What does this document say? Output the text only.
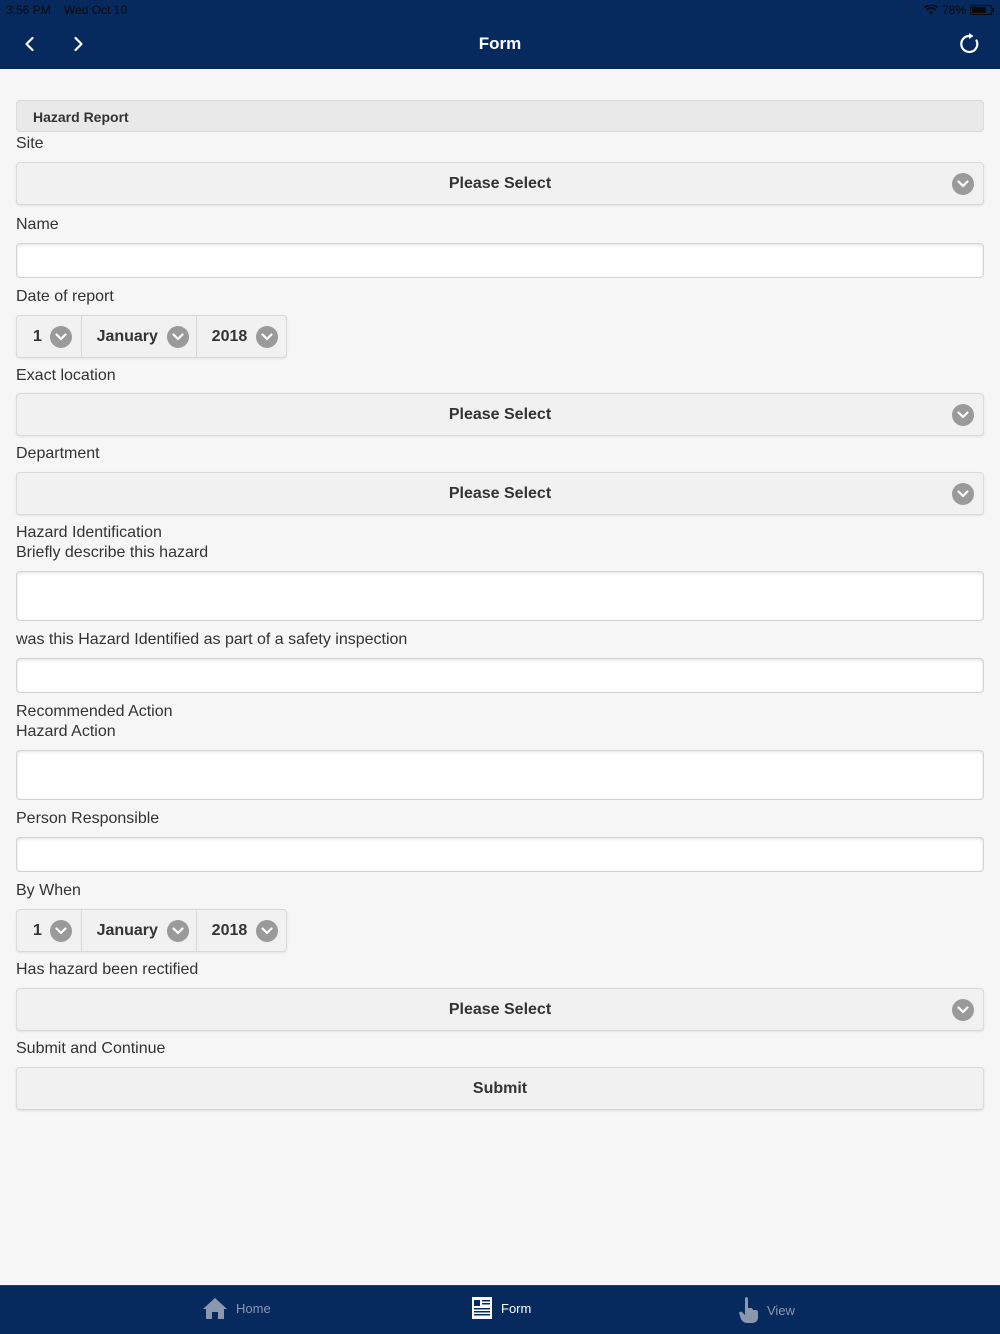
3:56 PM Wed Oct 10	····· 78%
Form
Hazard Report
Site
Please Select
Name
Date of report
1	January	2018
Exact location
Please Select
Department
Please Select
Hazard Identification
Briefly describe this hazard
was this Hazard Identified as part of a safety inspection
Recommended Action
Hazard Action
Person Responsible
By When
1	January	2018
Has hazard been rectified
Please Select
Submit and Continue
Submit
Home	Form	View
